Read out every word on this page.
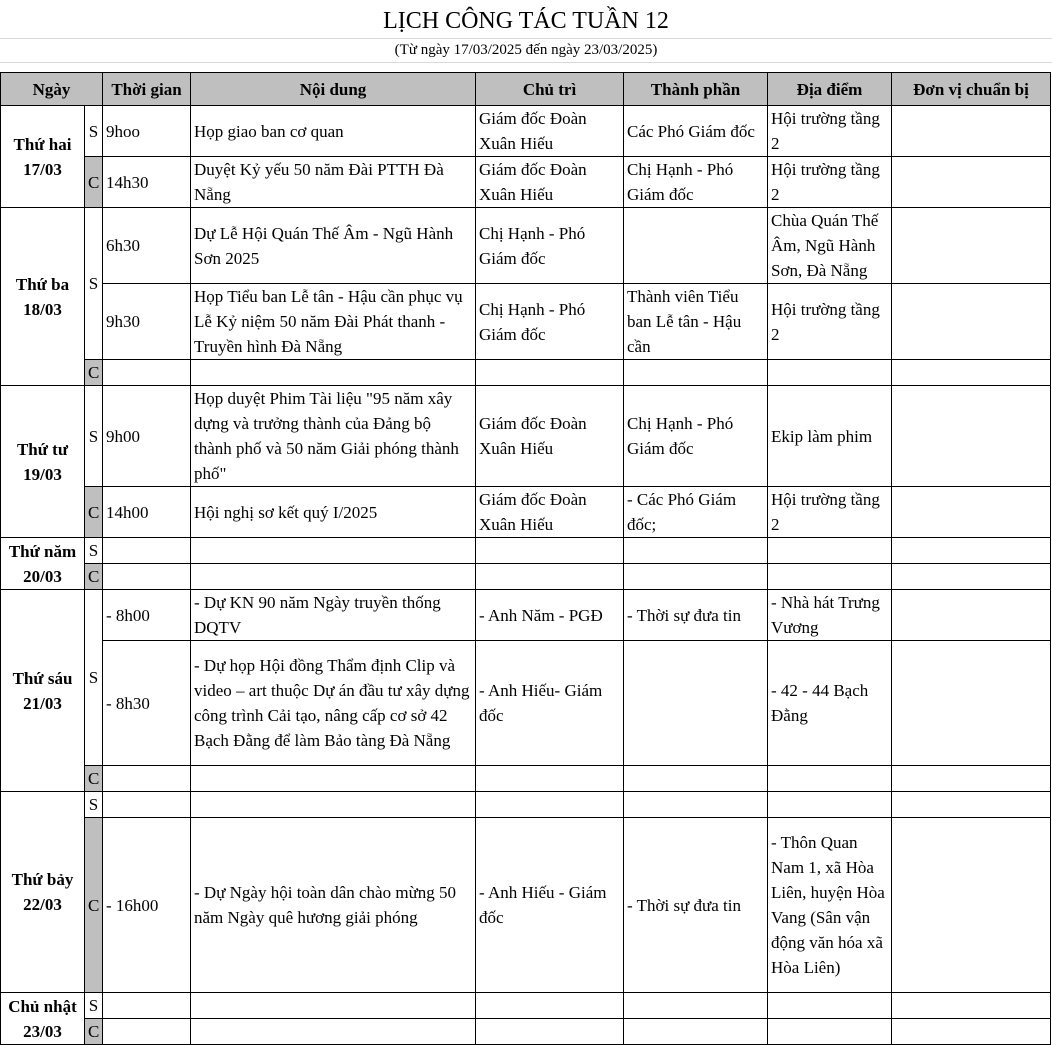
LỊCH CÔNG TÁC TUẦN 12
(Từ ngày 17/03/2025 đến ngày 23/03/2025)
Ngày		Thời gian	Nội dung	Chủ trì	Thành phần	Địa điểm	Đơn vị chuẩn bị
Thứ hai 17/03	S	9hoo	Họp giao ban cơ quan	Giám đốc Đoàn Xuân Hiếu	Các Phó Giám đốc	Hội trường tầng 2	
	C	14h30	Duyệt Kỷ yếu 50 năm Đài PTTH Đà Nẵng	Giám đốc Đoàn Xuân Hiếu	Chị Hạnh - Phó Giám đốc	Hội trường tầng 2	
Thứ ba 18/03	S	6h30	Dự Lễ Hội Quán Thế Âm - Ngũ Hành Sơn 2025	Chị Hạnh - Phó Giám đốc		Chùa Quán Thế Âm, Ngũ Hành Sơn, Đà Nẵng	
		9h30	Họp Tiểu ban Lễ tân - Hậu cần phục vụ Lễ Kỷ niệm 50 năm Đài Phát thanh - Truyền hình Đà Nẵng	Chị Hạnh - Phó Giám đốc	Thành viên Tiểu ban Lễ tân - Hậu cần	Hội trường tầng 2	
	C						
Thứ tư 19/03	S	9h00	Họp duyệt Phim Tài liệu "95 năm xây dựng và trưởng thành của Đảng bộ thành phố và 50 năm Giải phóng thành phố"	Giám đốc Đoàn Xuân Hiếu	Chị Hạnh - Phó Giám đốc	Ekip làm phim	
	C	14h00	Hội nghị sơ kết quý I/2025	Giám đốc Đoàn Xuân Hiếu	- Các Phó Giám đốc;	Hội trường tầng 2	
Thứ năm 20/03	S						
	C						
Thứ sáu 21/03	S	- 8h00	- Dự KN 90 năm Ngày truyền thống DQTV	- Anh Năm - PGĐ	- Thời sự đưa tin	- Nhà hát Trưng Vương	
		- 8h30	- Dự họp Hội đồng Thẩm định Clip và video – art thuộc Dự án đầu tư xây dựng công trình Cải tạo, nâng cấp cơ sở 42 Bạch Đằng để làm Bảo tàng Đà Nẵng	- Anh Hiếu- Giám đốc		- 42 - 44 Bạch Đằng	
	C						
Thứ bảy 22/03	S						
	C	- 16h00	- Dự Ngày hội toàn dân chào mừng 50 năm Ngày quê hương giải phóng	- Anh Hiếu - Giám đốc	- Thời sự đưa tin	- Thôn Quan Nam 1, xã Hòa Liên, huyện Hòa Vang (Sân vận động văn hóa xã Hòa Liên)	
Chủ nhật 23/03	S						
	C						
